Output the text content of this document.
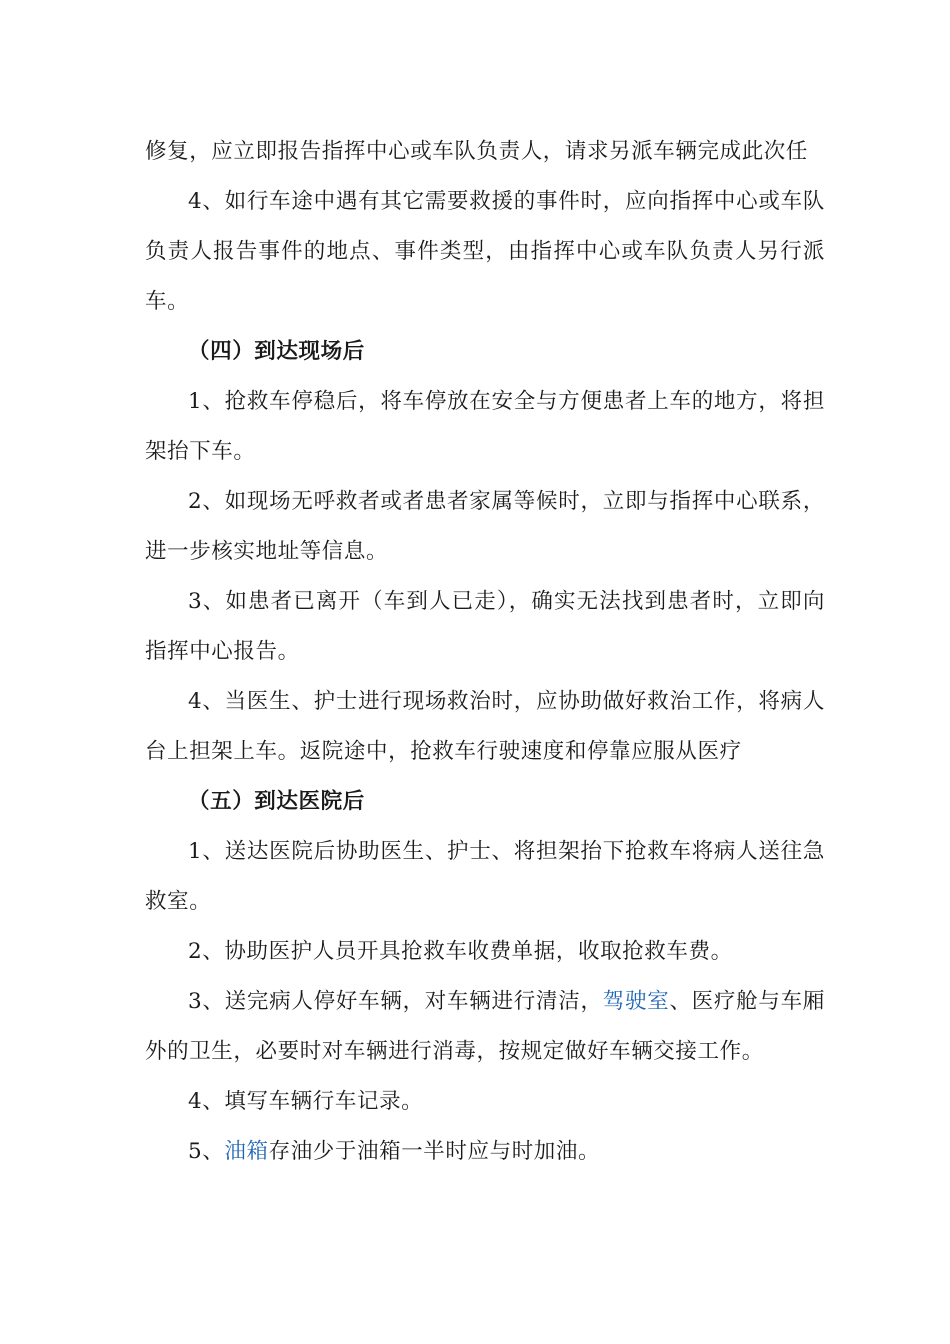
修复，应立即报告指挥中心或车队负责人，请求另派车辆完成此次任

4、如行车途中遇有其它需要救援的事件时，应向指挥中心或车队负责人报告事件的地点、事件类型，由指挥中心或车队负责人另行派车。

（四）到达现场后

1、抢救车停稳后，将车停放在安全与方便患者上车的地方，将担架抬下车。

2、如现场无呼救者或者患者家属等候时，立即与指挥中心联系，进一步核实地址等信息。

3、如患者已离开（车到人已走），确实无法找到患者时，立即向指挥中心报告。

4、当医生、护士进行现场救治时，应协助做好救治工作，将病人台上担架上车。返院途中，抢救车行驶速度和停靠应服从医疗

（五）到达医院后

1、送达医院后协助医生、护士、将担架抬下抢救车将病人送往急救室。

2、协助医护人员开具抢救车收费单据，收取抢救车费。

3、送完病人停好车辆，对车辆进行清洁，驾驶室、医疗舱与车厢外的卫生，必要时对车辆进行消毒，按规定做好车辆交接工作。

4、填写车辆行车记录。

5、油箱存油少于油箱一半时应与时加油。
